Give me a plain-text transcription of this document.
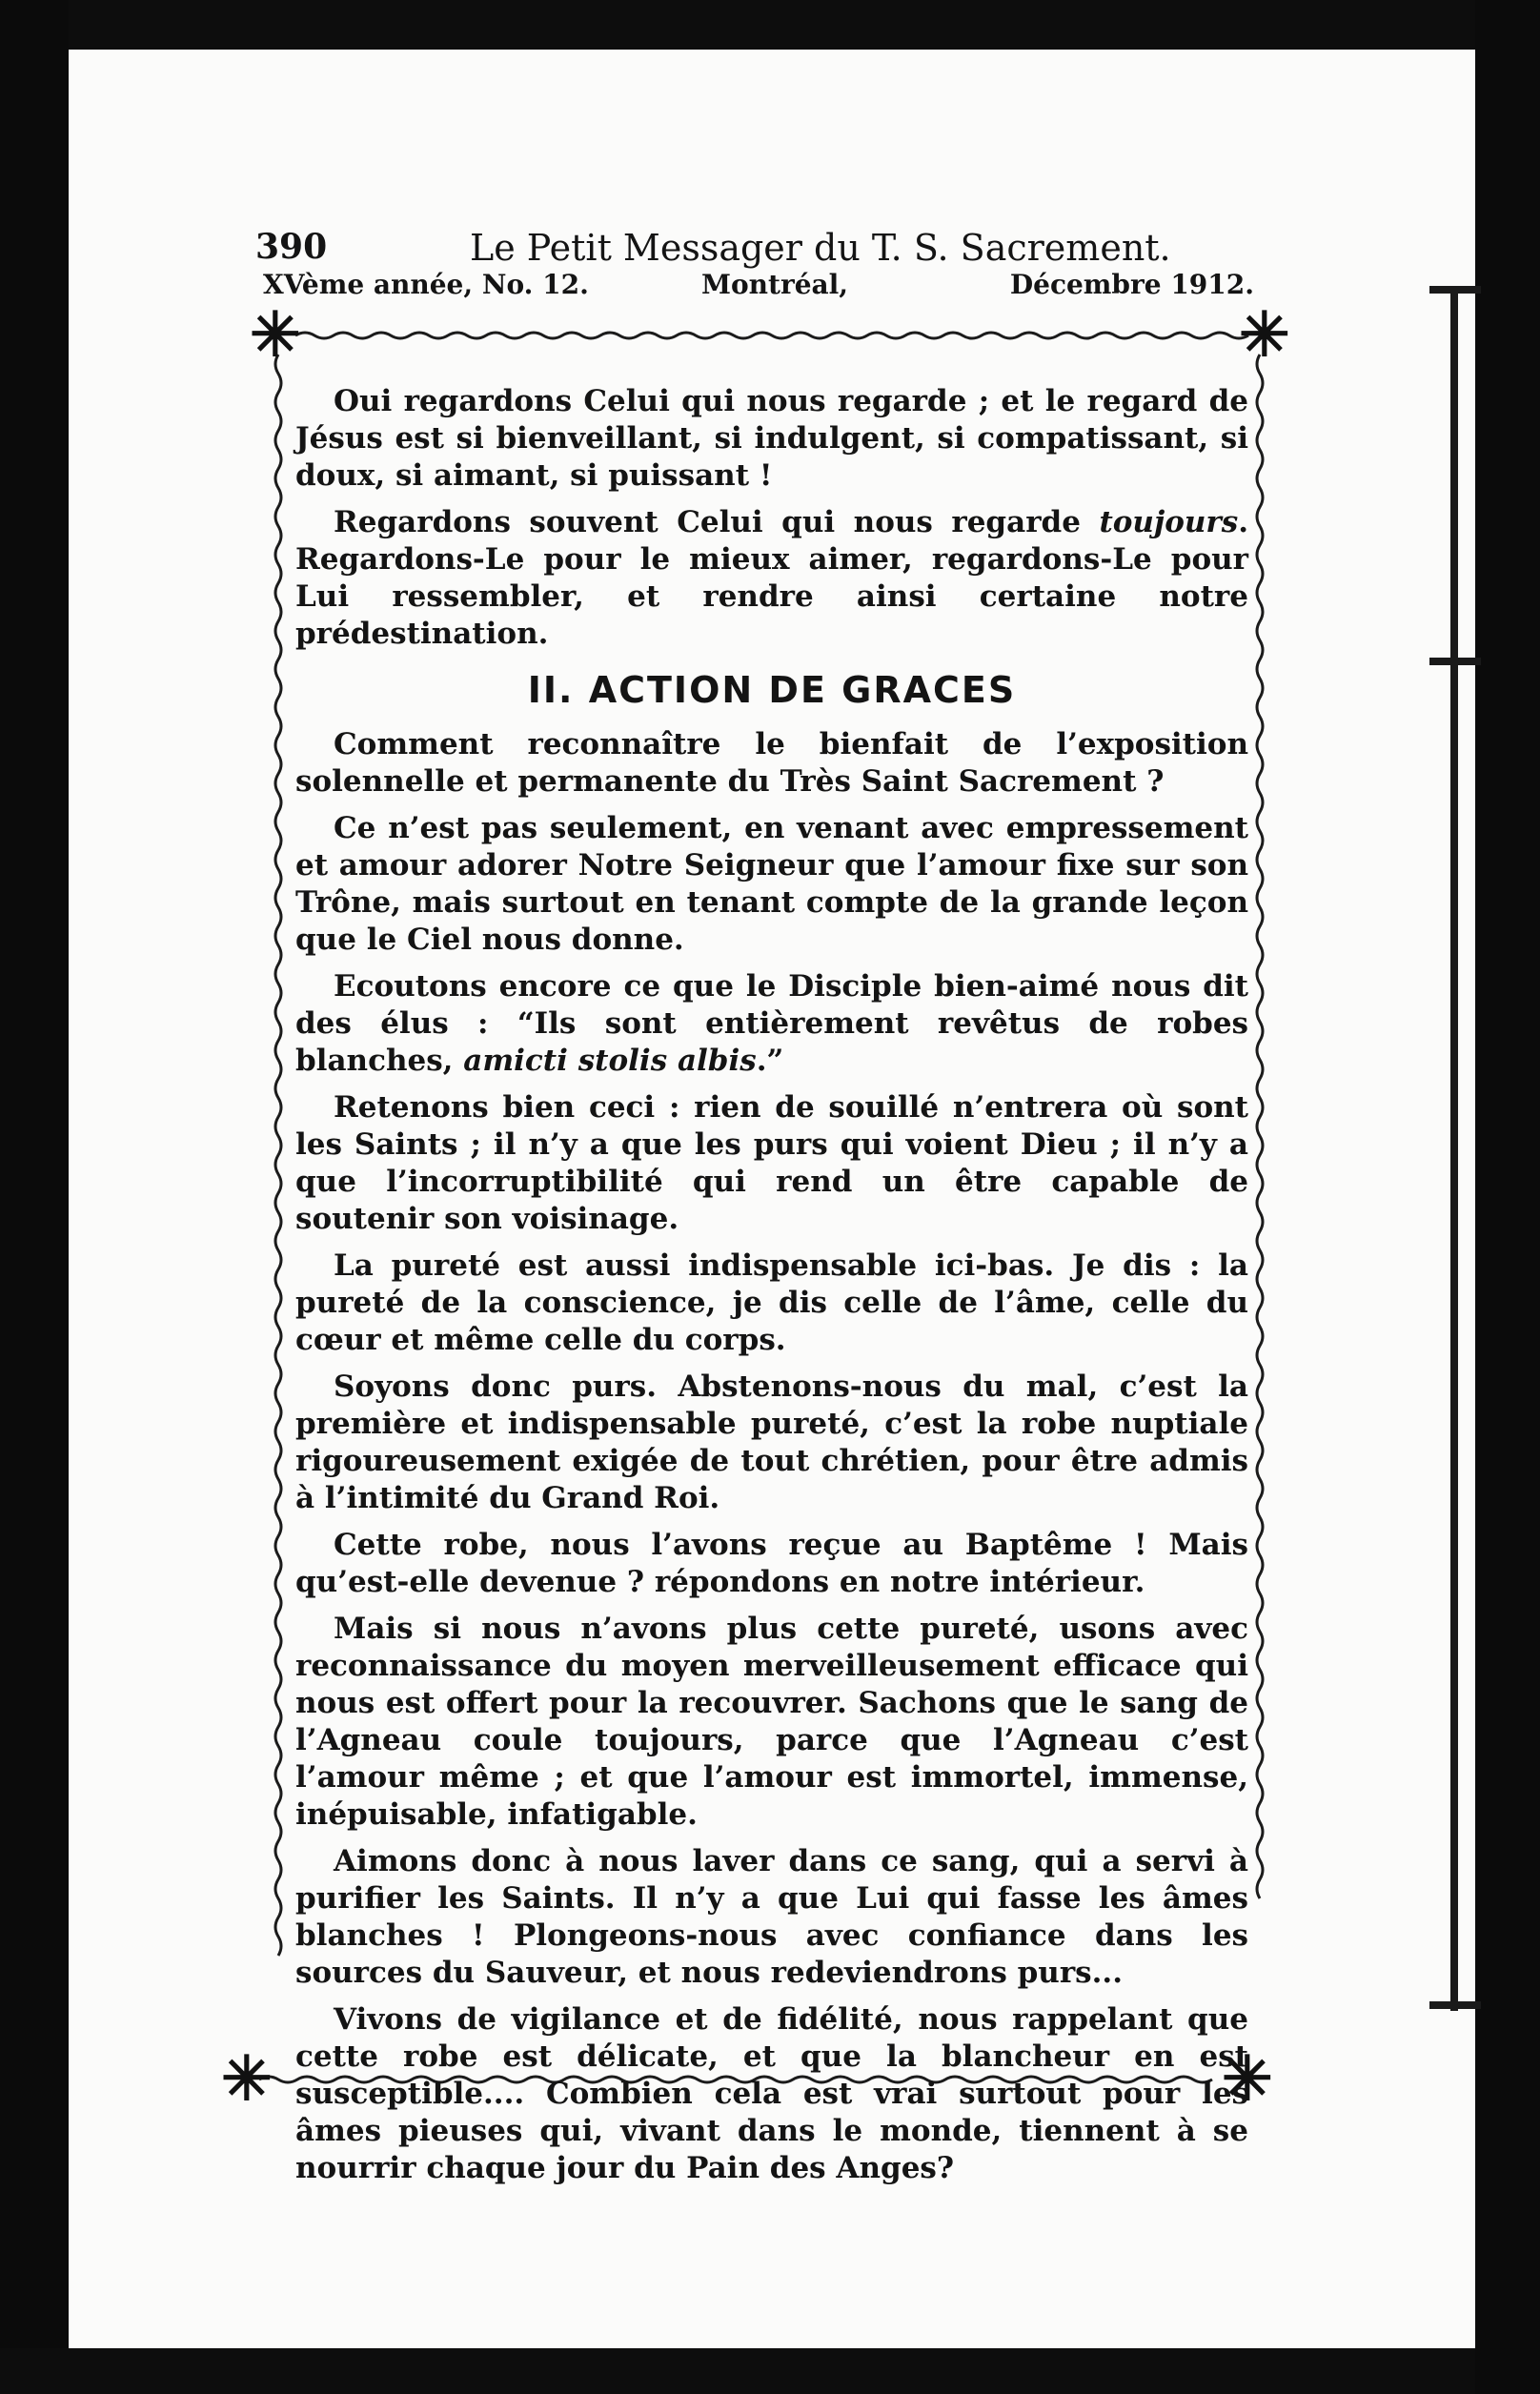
390	Le Petit Messager du T. S. Sacrement.
XVème année, No. 12.	Montréal,	Décembre 1912.
✳	✳
✳	✳

Oui regardons Celui qui nous regarde ; et le regard de Jésus est si bienveillant, si indulgent, si compatissant, si doux, si aimant, si puissant !

Regardons souvent Celui qui nous regarde toujours. Regardons-Le pour le mieux aimer, regardons-Le pour Lui ressembler, et rendre ainsi certaine notre prédestination.

II. ACTION DE GRACES

Comment reconnaître le bienfait de l’exposition solennelle et permanente du Très Saint Sacrement ?

Ce n’est pas seulement, en venant avec empressement et amour adorer Notre Seigneur que l’amour fixe sur son Trône, mais surtout en tenant compte de la grande leçon que le Ciel nous donne.

Ecoutons encore ce que le Disciple bien-aimé nous dit des élus : “Ils sont entièrement revêtus de robes blanches, amicti stolis albis.”

Retenons bien ceci : rien de souillé n’entrera où sont les Saints ; il n’y a que les purs qui voient Dieu ; il n’y a que l’incorruptibilité qui rend un être capable de soutenir son voisinage.

La pureté est aussi indispensable ici-bas. Je dis : la pureté de la conscience, je dis celle de l’âme, celle du cœur et même celle du corps.

Soyons donc purs. Abstenons-nous du mal, c’est la première et indispensable pureté, c’est la robe nuptiale rigoureusement exigée de tout chrétien, pour être admis à l’intimité du Grand Roi.

Cette robe, nous l’avons reçue au Baptême ! Mais qu’est-elle devenue ? répondons en notre intérieur.

Mais si nous n’avons plus cette pureté, usons avec reconnaissance du moyen merveilleusement efficace qui nous est offert pour la recouvrer. Sachons que le sang de l’Agneau coule toujours, parce que l’Agneau c’est l’amour même ; et que l’amour est immortel, immense, inépuisable, infatigable.

Aimons donc à nous laver dans ce sang, qui a servi à purifier les Saints. Il n’y a que Lui qui fasse les âmes blanches ! Plongeons-nous avec confiance dans les sources du Sauveur, et nous redeviendrons purs...

Vivons de vigilance et de fidélité, nous rappelant que cette robe est délicate, et que la blancheur en est susceptible.... Combien cela est vrai surtout pour les âmes pieuses qui, vivant dans le monde, tiennent à se nourrir chaque jour du Pain des Anges?
